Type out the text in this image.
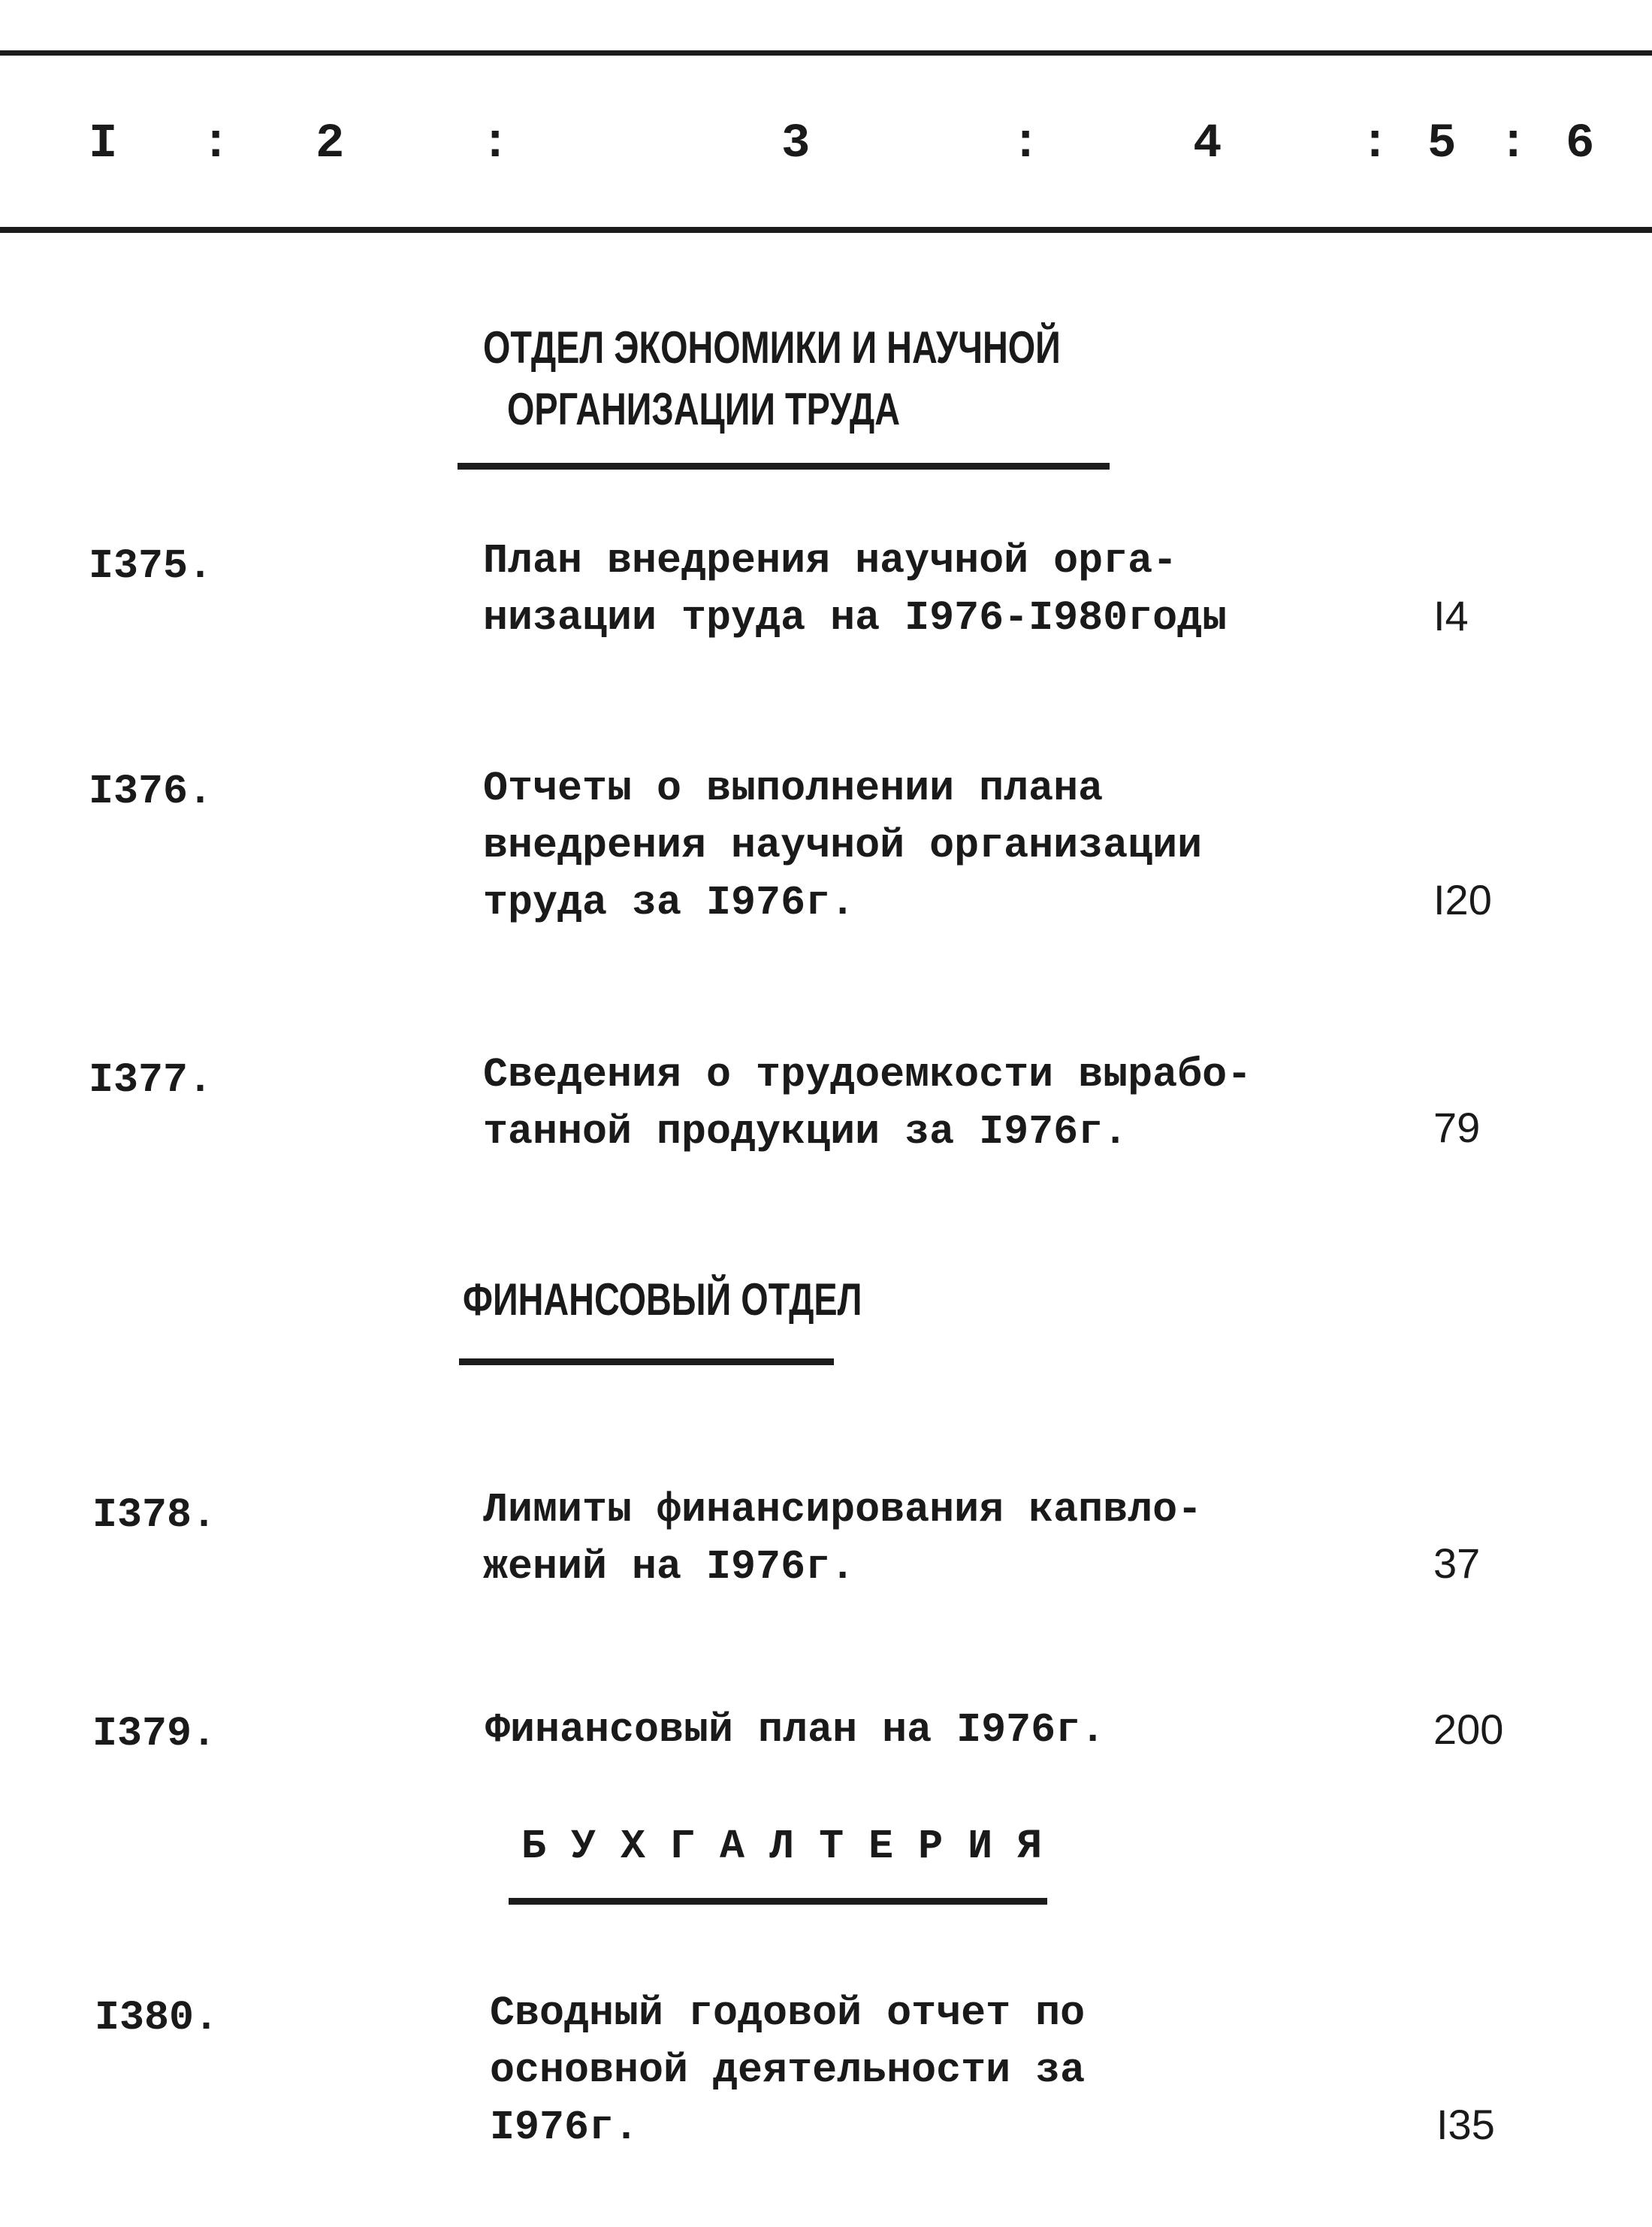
I : 2	:	3	:	4	: 5 : 6
ОТДЕЛ ЭКОНОМИКИ И НАУЧНОЙ
ОРГАНИЗАЦИИ ТРУДА
I375.	План внедрения научной орга-
низации труда на I976-I980годы	I4
I376.	Отчеты о выполнении плана
внедрения научной организации
труда за I976г.	I20
I377.	Сведения о трудоемкости вырабо-
танной продукции за I976г.	79
ФИНАНСОВЫЙ ОТДЕЛ
I378.	Лимиты финансирования капвло-
жений на I976г.	37
I379.	Финансовый план на I976г.	200
Б У Х Г А Л Т Е Р И Я
I380.	Сводный годовой отчет по
основной деятельности за
I976г.	I35
